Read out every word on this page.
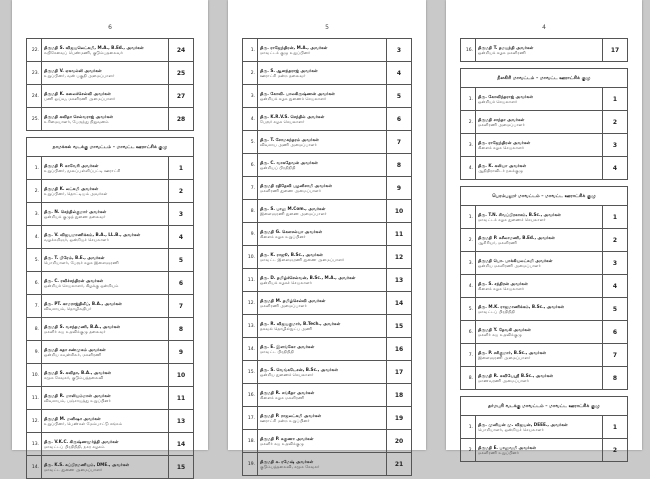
6
22.	திருமதி S. விஜயலெட்சுமி, M.A., B.Ed., அவர்கள்
சுயிசேவைப் பெண்மணி, குடும்பதலைவர்	24
23.	திருமதி V. ஏகவல்லி அவர்கள்
உறுப்பினர், வன் பகுதி அமைப்பாளர்	25
24.	திருமதி K. கலைச்செல்வி அவர்கள்
பணி ஓய்வு, மகளிரணி அமைப்பாளர்	27
25.	திருமதி கவிதா செல்வராஜ் அவர்கள்
உரிமையாளர், பேருந்து நிறுவனம்	28

நாமக்கல் வடக்கு மாவட்டம் – மாவட்ட ஊராட்சிக் குழு		
1.	திருமதி P. காவேரி அவர்கள்
உறுப்பினர், மூலப்பள்ளிப்பட்டி ஊராட்சி	1
2.	திருமதி K. லட்சுமி அவர்கள்
உறுப்பினர், தொட்டியம் அவர்கள்	2
3.	திரு. N. செந்தில்குமார் அவர்கள்
ஒன்றியக் குழுத் துணை தலைவர்	3
4.	திரு. V. விஜயமாணிக்கம், B.A., LL.B., அவர்கள்
வழக்கறிஞர், ஒன்றியச் செயலாளர்	4
5.	திரு. T. பிரேம், B.E., அவர்கள்
பொறியாளர், பேரூர் கழக இளைஞரணி	5
6.	திரு. C. ரவிச்சந்திரன் அவர்கள்
ஒன்றியச் செயலாளர், கிழக்கு ஒன்றியம்	6
7.	திரு. PT. காமராஜ்திலீப், B.A., அவர்கள்
விவசாயம், தொழிலதிபர்	7
8.	திருமதி S. வசந்தமணி, B.A., அவர்கள்
மகளிர் சுய உதவிக்குழு தலைவர்	8
9.	திருமதி சுதா சண்முகம் அவர்கள்
ஒன்றிய கவுன்சிலர், மகளிரணி	9
10.	திருமதி S. கவிதா, B.A., அவர்கள்
சமூக சேவகர், குடும்பத்தலைவி	10
11.	திருமதி R. மாலியம்மாள் அவர்கள்
விவசாயம், பஞ்சாயத்து உறுப்பினர்	11
12.	திருமதி M. மனிஷா அவர்கள்
உறுப்பினர், பெண்கள் மேம்பாட்டு சங்கம்	13
13.	திரு. V.K.C. கிருஷ்ணமூர்த்தி அவர்கள்
மாவட்டப் பிரதிநிதி, நகர கழகம்	14
14.	திரு. K.S. சுப்பிரமணியம், DME., அவர்கள்
மாவட்ட துணை அமைப்பாளர்	15
5
1.	திரு. ராஜேந்திரன், M.A., அவர்கள்
மாவட்டக் குழு உறுப்பினர்	3
2.	திரு. S. ஆனந்தராஜ் அவர்கள்
ஊராட்சி மன்ற தலைவர்	4
3.	திரு. கோவி. பாலகிருஷ்ணன் அவர்கள்
ஒன்றியக் கழக துணைச் செயலாளர்	5
4.	திரு. K.R.V.S. செந்தில் அவர்கள்
பேரூர் கழக செயலாளர்	6
5.	திரு. T. சோமசுந்தரம் அவர்கள்
விவசாய அணி அமைப்பாளர்	7
6.	திரு. C. வாசுதேவன் அவர்கள்
ஒன்றியப் பிரதிநிதி	8
7.	திருமதி ரதிதேவி பழனிசாமி அவர்கள்
மகளிரணி துணை அமைப்பாளர்	9
8.	திரு. S. பாலு M.Com., அவர்கள்
இளைஞரணி துணை அமைப்பாளர்	10
9.	திருமதி G. கௌசல்யா அவர்கள்
கிளைக் கழக உறுப்பினர்	11
10.	திரு. K. ராஜூ, B.Sc., அவர்கள்
மாவட்ட இளைஞரணி துணை அமைப்பாளர்	12
11.	திரு. D. தமிழ்ச்செல்வன், B.Sc., M.A., அவர்கள்
ஒன்றியக் கழகச் செயலாளர்	13
12.	திருமதி M. தமிழ்செல்வி அவர்கள்
மகளிரணி அமைப்பாளர்	14
13.	திரு. R. விஜயகுமார், B.Tech., அவர்கள்
தகவல் தொழில்நுட்ப அணி	15
14.	திரு. E. இளங்கோ அவர்கள்
மாவட்ட பிரதிநிதி	16
15.	திரு. S. வெங்கடேசன், B.Sc., அவர்கள்
ஒன்றிய துணைச் செயலாளர்	17
16.	திருமதி R. சங்கீதா அவர்கள்
கிளைக் கழக மகளிரணி	18
17.	திருமதி P. ராஜலட்சுமி அவர்கள்
ஊராட்சி மன்ற உறுப்பினர்	19
18.	திருமதி P. சுகுணா அவர்கள்
மகளிர் சுய உதவிக்குழு	20
19.	திருமதி க. ரமேஷ் அவர்கள்
குடும்பத்தலைவி, சமூக சேவகர்	21
4
16.	திருமதி T. தமயந்தி அவர்கள்
ஒன்றியக் கழக மகளிரணி	17

நீலகிரி மாவட்டம் – மாவட்ட ஊராட்சிக் குழு		
1.	திரு. கோவிந்தராஜ் அவர்கள்
ஒன்றியச் செயலாளர்	1
2.	திருமதி சாந்தா அவர்கள்
மகளிரணி அமைப்பாளர்	2
3.	திரு. ராஜேந்திரன் அவர்கள்
கிளைக் கழக செயலாளர்	3
4.	திரு. K. கலியா அவர்கள்
ஆதிதிராவிடர் நலக்குழு	4

பெரம்பலூர் மாவட்டம் – மாவட்ட ஊராட்சிக் குழு		
1.	திரு. T.N. சிவப்பிரகாசம், B.Sc., அவர்கள்
மாவட்டக் கழக துணைச் செயலாளர்	1
2.	திருமதி P. சுசீலாமணி, B.Ed., அவர்கள்
ஆசிரியர், மகளிரணி	2
3.	திருமதி பொ. பாக்கியலட்சுமி அவர்கள்
ஒன்றிய மகளிரணி அமைப்பாளர்	3
4.	திரு. S. சந்திரன் அவர்கள்
கிளைக் கழக செயலாளர்	4
5.	திரு. M.K. ராஜமாணிக்கம், B.Sc., அவர்கள்
மாவட்டப் பிரதிநிதி	5
6.	திருமதி Y. தேவகி அவர்கள்
மகளிர் சுய உதவிக்குழு	6
7.	திரு. P. சசிகுமார், B.Sc., அவர்கள்
இளைஞரணி அமைப்பாளர்	7
8.	திருமதி R. கவியேஸ்ரீ B.Sc., அவர்கள்
மாணவரணி அமைப்பாளர்	8

தர்மபுரி வடக்கு மாவட்டம் – மாவட்ட ஊராட்சிக் குழு		
1.	திரு. முனியன் மு. விஜயன், DEEE., அவர்கள்
பொறியாளர், ஒன்றியச் செயலாளர்	1
2.	திருமதி E. பாலுவமி அவர்கள்
மகளிரணி உறுப்பினர்	2
